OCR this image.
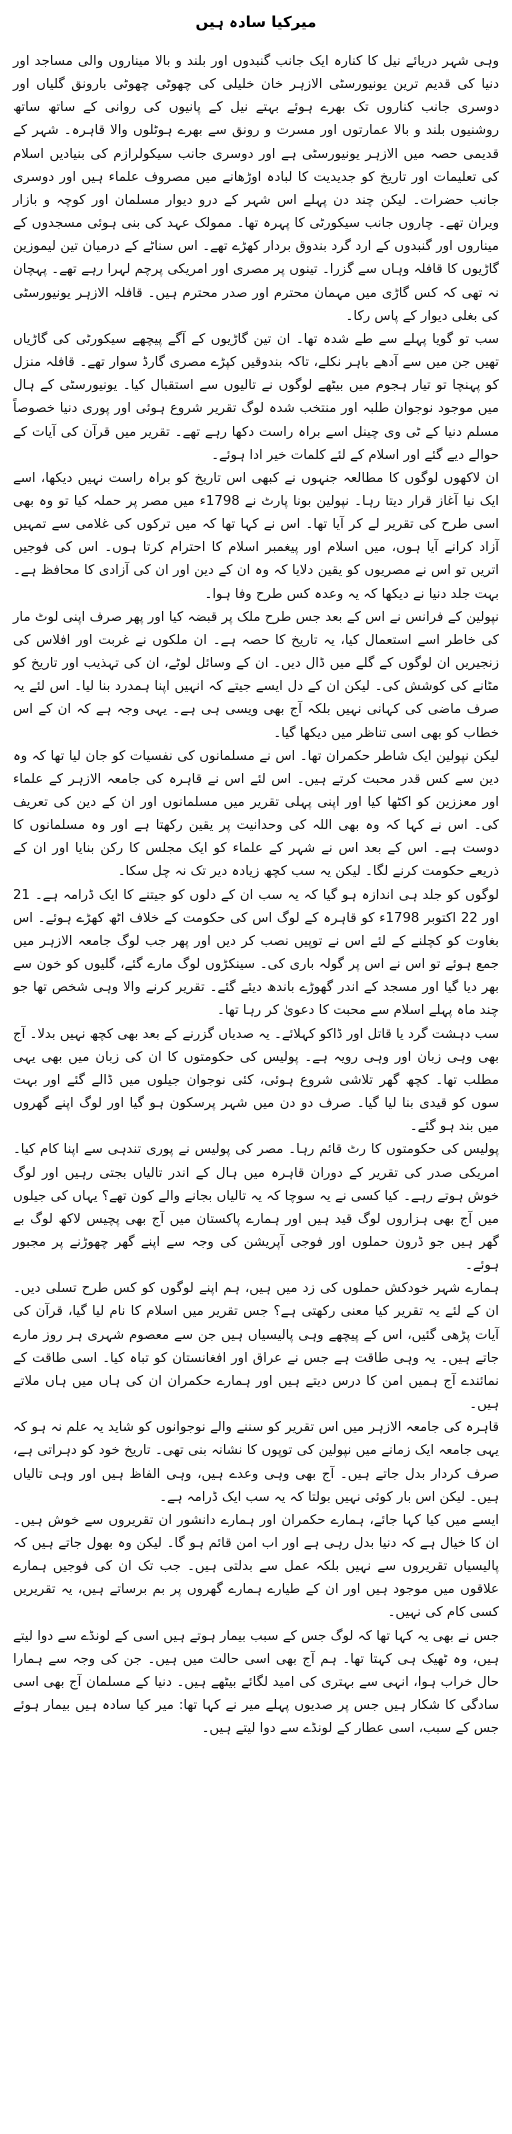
میرکیا سادہ ہیں

وہی شہر دریائے نیل کا کنارہ ایک جانب گنبدوں اور بلند و بالا میناروں والی مساجد اور دنیا کی قدیم ترین یونیورسٹی الازہر خان خلیلی کی چھوٹی چھوٹی بارونق گلیاں اور دوسری جانب کناروں تک بھرے ہوئے بہتے نیل کے پانیوں کی روانی کے ساتھ ساتھ روشنیوں بلند و بالا عمارتوں اور مسرت و رونق سے بھرے ہوٹلوں والا قاہرہ۔ شہر کے قدیمی حصہ میں الازہر یونیورسٹی ہے اور دوسری جانب سیکولرازم کی بنیادیں اسلام کی تعلیمات اور تاریخ کو جدیدیت کا لبادہ اوڑھانے میں مصروف علماء ہیں اور دوسری جانب حضرات۔ لیکن چند دن پہلے اس شہر کے درو دیوار مسلمان اور کوچہ و بازار ویران تھے۔ چاروں جانب سیکورٹی کا پہرہ تھا۔ ممولک عہد کی بنی ہوئی مسجدوں کے میناروں اور گنبدوں کے ارد گرد بندوق بردار کھڑے تھے۔ اس سناٹے کے درمیان تین لیموزین گاڑیوں کا قافلہ وہاں سے گزرا۔ تینوں پر مصری اور امریکی پرچم لہرا رہے تھے۔ پہچان نہ تھی کہ کس گاڑی میں مہمان محترم اور صدر محترم ہیں۔ قافلہ الازہر یونیورسٹی کی بغلی دیوار کے پاس رکا۔

سب تو گویا پہلے سے طے شدہ تھا۔ ان تین گاڑیوں کے آگے پیچھے سیکورٹی کی گاڑیاں تھیں جن میں سے آدھے باہر نکلے، تاکہ بندوقیں کپڑے مصری گارڈ سوار تھے۔ قافلہ منزل کو پہنچا تو تیار ہجوم میں بیٹھے لوگوں نے تالیوں سے استقبال کیا۔ یونیورسٹی کے ہال میں موجود نوجوان طلبہ اور منتخب شدہ لوگ تقریر شروع ہوئی اور پوری دنیا خصوصاً مسلم دنیا کے ٹی وی چینل اسے براہ راست دکھا رہے تھے۔ تقریر میں قرآن کی آیات کے حوالے دیے گئے اور اسلام کے لئے کلمات خیر ادا ہوئے۔

ان لاکھوں لوگوں کا مطالعہ جنہوں نے کبھی اس تاریخ کو براہ راست نہیں دیکھا، اسے ایک نیا آغاز قرار دیتا رہا۔ نپولین بونا پارٹ نے 1798ء میں مصر پر حملہ کیا تو وہ بھی اسی طرح کی تقریر لے کر آیا تھا۔ اس نے کہا تھا کہ میں ترکوں کی غلامی سے تمہیں آزاد کرانے آیا ہوں، میں اسلام اور پیغمبر اسلام کا احترام کرتا ہوں۔ اس کی فوجیں اتریں تو اس نے مصریوں کو یقین دلایا کہ وہ ان کے دین اور ان کی آزادی کا محافظ ہے۔ بہت جلد دنیا نے دیکھا کہ یہ وعدہ کس طرح وفا ہوا۔

نپولین کے فرانس نے اس کے بعد جس طرح ملک پر قبضہ کیا اور پھر صرف اپنی لوٹ مار کی خاطر اسے استعمال کیا، یہ تاریخ کا حصہ ہے۔ ان ملکوں نے غربت اور افلاس کی زنجیریں ان لوگوں کے گلے میں ڈال دیں۔ ان کے وسائل لوٹے، ان کی تہذیب اور تاریخ کو مٹانے کی کوشش کی۔ لیکن ان کے دل ایسے جیتے کہ انہیں اپنا ہمدرد بنا لیا۔ اس لئے یہ صرف ماضی کی کہانی نہیں بلکہ آج بھی ویسی ہی ہے۔ یہی وجہ ہے کہ ان کے اس خطاب کو بھی اسی تناظر میں دیکھا گیا۔

لیکن نپولین ایک شاطر حکمران تھا۔ اس نے مسلمانوں کی نفسیات کو جان لیا تھا کہ وہ دین سے کس قدر محبت کرتے ہیں۔ اس لئے اس نے قاہرہ کی جامعہ الازہر کے علماء اور معززین کو اکٹھا کیا اور اپنی پہلی تقریر میں مسلمانوں اور ان کے دین کی تعریف کی۔ اس نے کہا کہ وہ بھی اللہ کی وحدانیت پر یقین رکھتا ہے اور وہ مسلمانوں کا دوست ہے۔ اس کے بعد اس نے شہر کے علماء کو ایک مجلس کا رکن بنایا اور ان کے ذریعے حکومت کرنے لگا۔ لیکن یہ سب کچھ زیادہ دیر تک نہ چل سکا۔

لوگوں کو جلد ہی اندازہ ہو گیا کہ یہ سب ان کے دلوں کو جیتنے کا ایک ڈرامہ ہے۔ 21 اور 22 اکتوبر 1798ء کو قاہرہ کے لوگ اس کی حکومت کے خلاف اٹھ کھڑے ہوئے۔ اس بغاوت کو کچلنے کے لئے اس نے توپیں نصب کر دیں اور پھر جب لوگ جامعہ الازہر میں جمع ہوئے تو اس نے اس پر گولہ باری کی۔ سینکڑوں لوگ مارے گئے، گلیوں کو خون سے بھر دیا گیا اور مسجد کے اندر گھوڑے باندھ دیئے گئے۔ تقریر کرنے والا وہی شخص تھا جو چند ماہ پہلے اسلام سے محبت کا دعویٰ کر رہا تھا۔

سب دہشت گرد یا قاتل اور ڈاکو کہلائے۔ یہ صدیاں گزرنے کے بعد بھی کچھ نہیں بدلا۔ آج بھی وہی زبان اور وہی رویہ ہے۔ پولیس کی حکومتوں کا ان کی زبان میں بھی یہی مطلب تھا۔ کچھ گھر تلاشی شروع ہوئی، کئی نوجوان جیلوں میں ڈالے گئے اور بہت سوں کو قیدی بنا لیا گیا۔ صرف دو دن میں شہر پرسکون ہو گیا اور لوگ اپنے گھروں میں بند ہو گئے۔

پولیس کی حکومتوں کا رٹ قائم رہا۔ مصر کی پولیس نے پوری تندہی سے اپنا کام کیا۔ امریکی صدر کی تقریر کے دوران قاہرہ میں ہال کے اندر تالیاں بجتی رہیں اور لوگ خوش ہوتے رہے۔ کیا کسی نے یہ سوچا کہ یہ تالیاں بجانے والے کون تھے؟ یہاں کی جیلوں میں آج بھی ہزاروں لوگ قید ہیں اور ہمارے پاکستان میں آج بھی پچیس لاکھ لوگ بے گھر ہیں جو ڈرون حملوں اور فوجی آپریشن کی وجہ سے اپنے گھر چھوڑنے پر مجبور ہوئے۔

ہمارے شہر خودکش حملوں کی زد میں ہیں، ہم اپنے لوگوں کو کس طرح تسلی دیں۔ ان کے لئے یہ تقریر کیا معنی رکھتی ہے؟ جس تقریر میں اسلام کا نام لیا گیا، قرآن کی آیات پڑھی گئیں، اس کے پیچھے وہی پالیسیاں ہیں جن سے معصوم شہری ہر روز مارے جاتے ہیں۔ یہ وہی طاقت ہے جس نے عراق اور افغانستان کو تباہ کیا۔ اسی طاقت کے نمائندے آج ہمیں امن کا درس دیتے ہیں اور ہمارے حکمران ان کی ہاں میں ہاں ملاتے ہیں۔

قاہرہ کی جامعہ الازہر میں اس تقریر کو سننے والے نوجوانوں کو شاید یہ علم نہ ہو کہ یہی جامعہ ایک زمانے میں نپولین کی توپوں کا نشانہ بنی تھی۔ تاریخ خود کو دہراتی ہے، صرف کردار بدل جاتے ہیں۔ آج بھی وہی وعدے ہیں، وہی الفاظ ہیں اور وہی تالیاں ہیں۔ لیکن اس بار کوئی نہیں بولتا کہ یہ سب ایک ڈرامہ ہے۔

ایسے میں کیا کہا جائے، ہمارے حکمران اور ہمارے دانشور ان تقریروں سے خوش ہیں۔ ان کا خیال ہے کہ دنیا بدل رہی ہے اور اب امن قائم ہو گا۔ لیکن وہ بھول جاتے ہیں کہ پالیسیاں تقریروں سے نہیں بلکہ عمل سے بدلتی ہیں۔ جب تک ان کی فوجیں ہمارے علاقوں میں موجود ہیں اور ان کے طیارے ہمارے گھروں پر بم برساتے ہیں، یہ تقریریں کسی کام کی نہیں۔

جس نے بھی یہ کہا تھا کہ لوگ جس کے سبب بیمار ہوتے ہیں اسی کے لونڈے سے دوا لیتے ہیں، وہ ٹھیک ہی کہتا تھا۔ ہم آج بھی اسی حالت میں ہیں۔ جن کی وجہ سے ہمارا حال خراب ہوا، انہی سے بہتری کی امید لگائے بیٹھے ہیں۔ دنیا کے مسلمان آج بھی اسی سادگی کا شکار ہیں جس پر صدیوں پہلے میر نے کہا تھا: میر کیا سادہ ہیں بیمار ہوئے جس کے سبب، اسی عطار کے لونڈے سے دوا لیتے ہیں۔
